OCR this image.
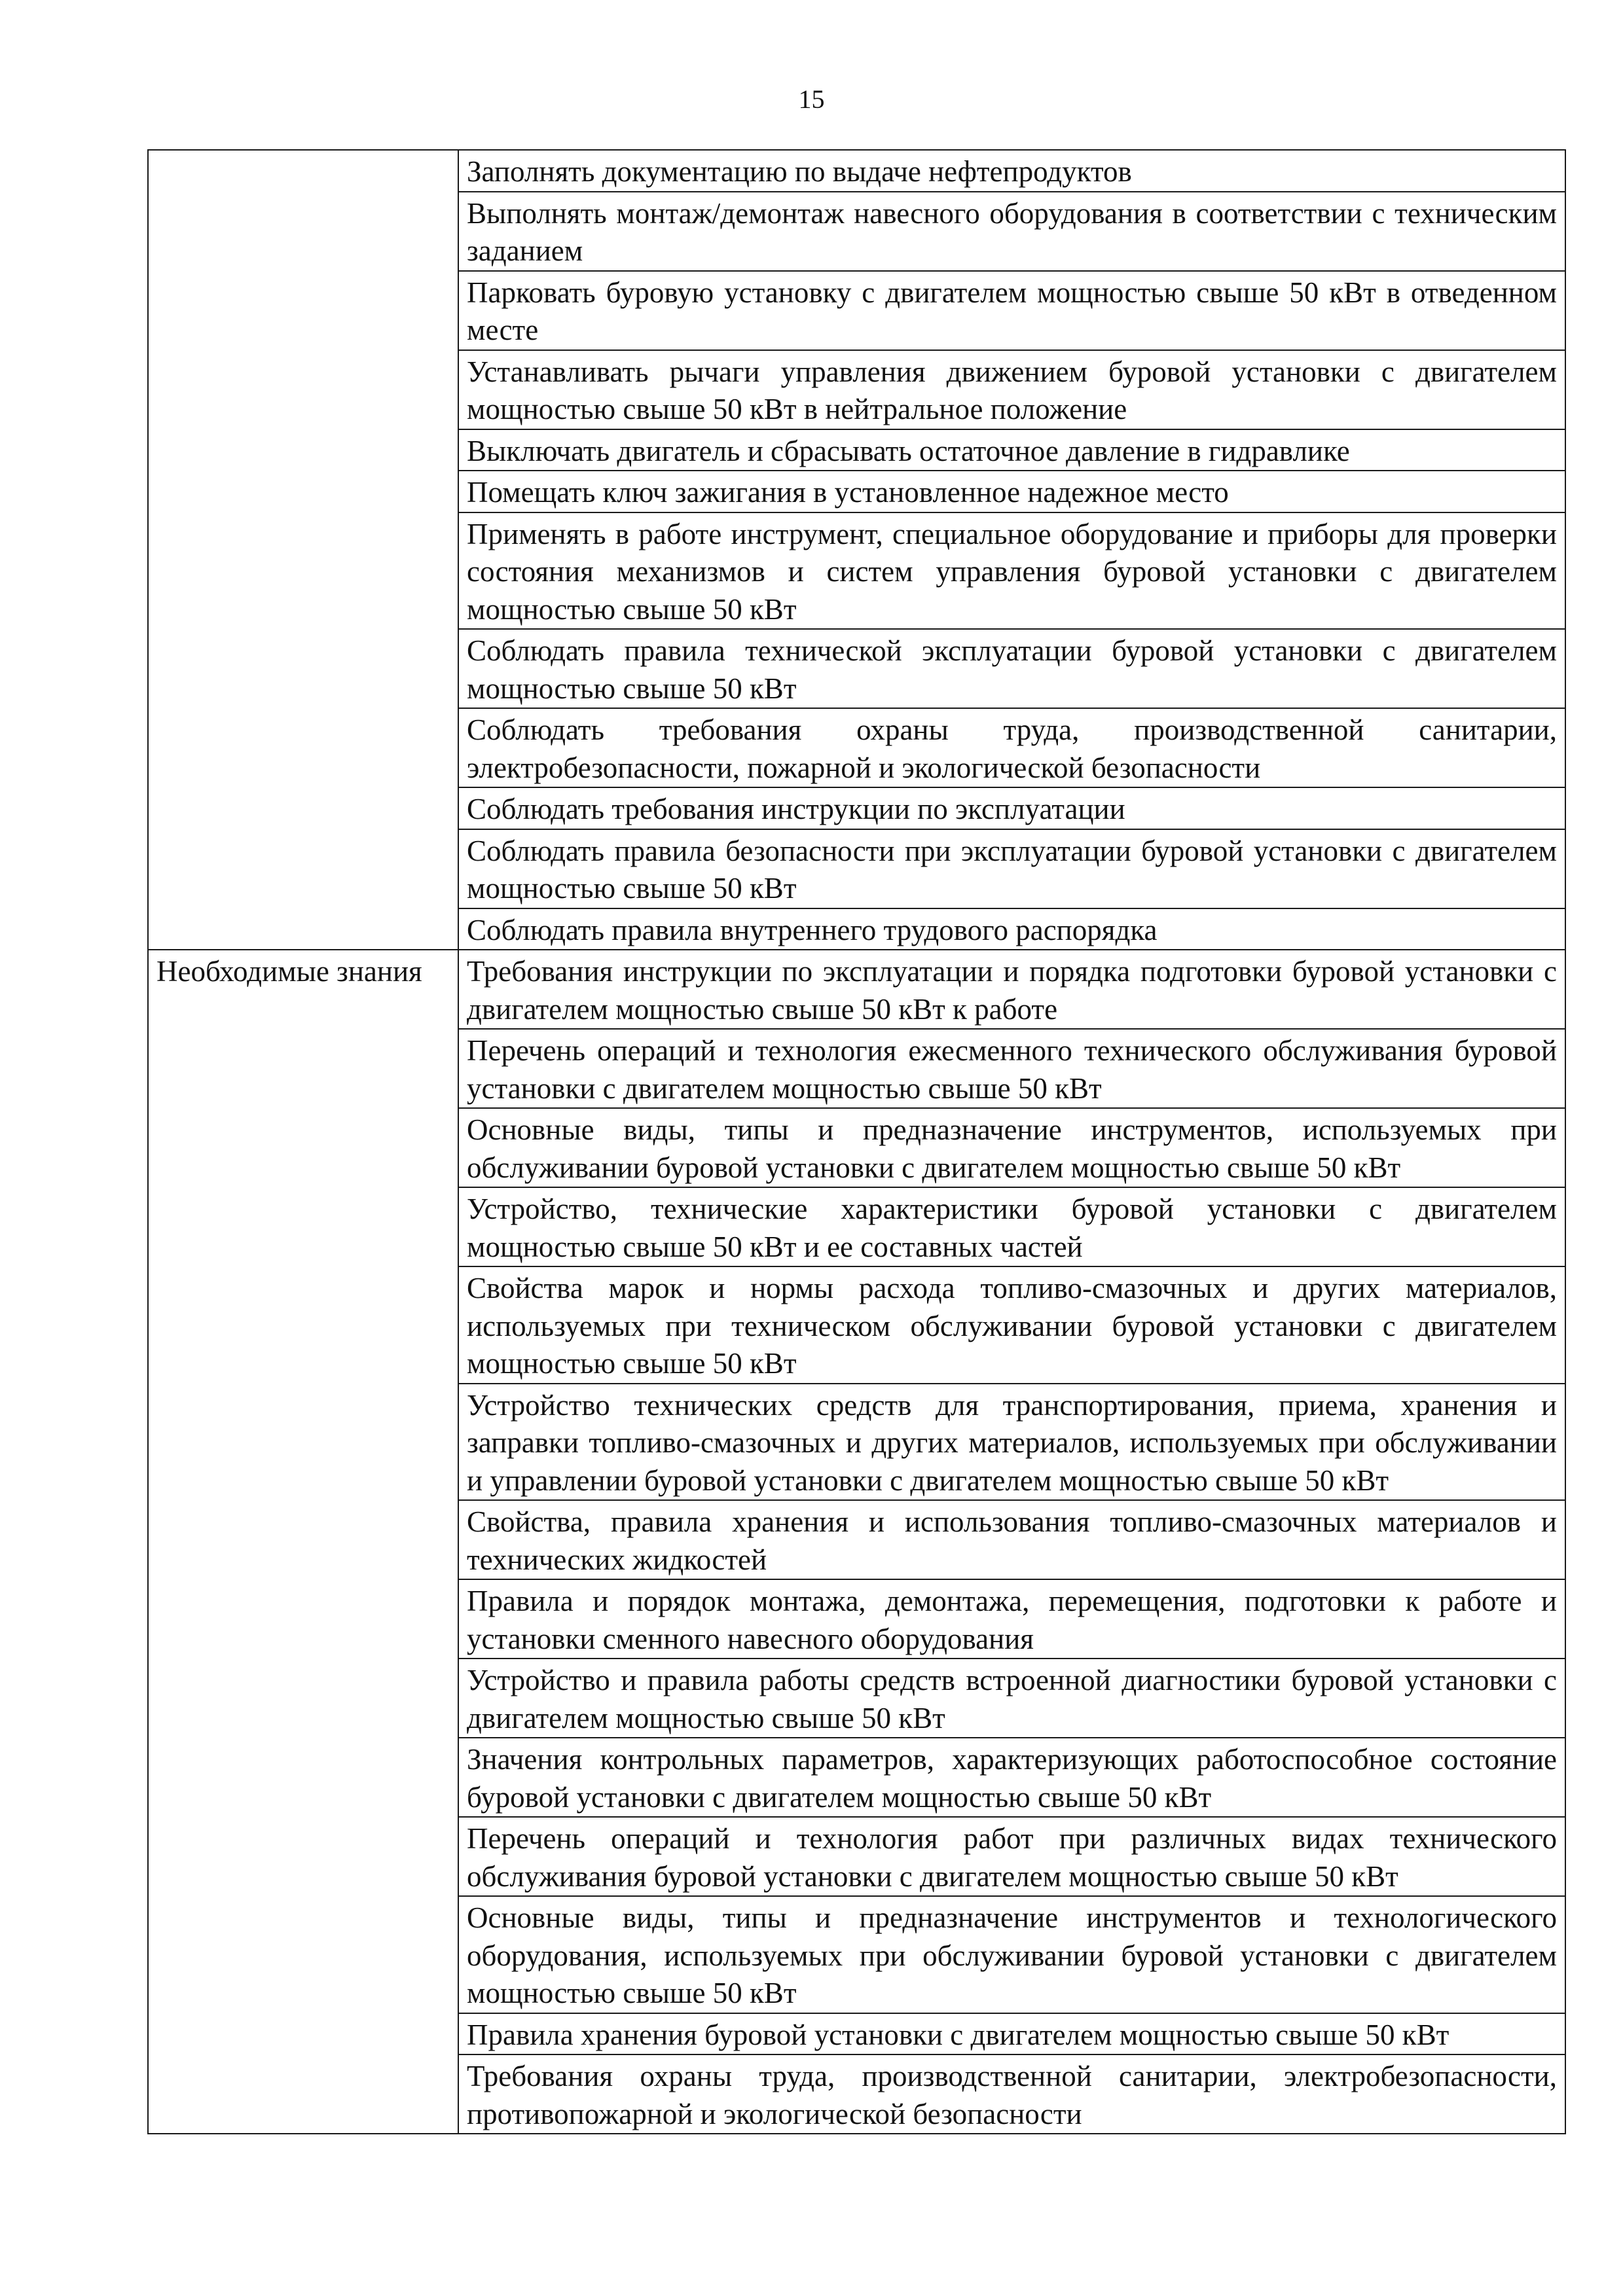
15
	Заполнять документацию по выдаче нефтепродуктов
	Выполнять монтаж/демонтаж навесного оборудования в соответствии с техническим заданием
	Парковать буровую установку с двигателем мощностью свыше 50 кВт в отведенном месте
	Устанавливать рычаги управления движением буровой установки с двигателем мощностью свыше 50 кВт в нейтральное положение
	Выключать двигатель и сбрасывать остаточное давление в гидравлике
	Помещать ключ зажигания в установленное надежное место
	Применять в работе инструмент, специальное оборудование и приборы для проверки состояния механизмов и систем управления буровой установки с двигателем мощностью свыше 50 кВт
	Соблюдать правила технической эксплуатации буровой установки с двигателем мощностью свыше 50 кВт
	Соблюдать требования охраны труда, производственной санитарии, электробезопасности, пожарной и экологической безопасности
	Соблюдать требования инструкции по эксплуатации
	Соблюдать правила безопасности при эксплуатации буровой установки с двигателем мощностью свыше 50 кВт
	Соблюдать правила внутреннего трудового распорядка
Необходимые знания	Требования инструкции по эксплуатации и порядка подготовки буровой установки с двигателем мощностью свыше 50 кВт к работе
	Перечень операций и технология ежесменного технического обслуживания буровой установки с двигателем мощностью свыше 50 кВт
	Основные виды, типы и предназначение инструментов, используемых при обслуживании буровой установки с двигателем мощностью свыше 50 кВт
	Устройство, технические характеристики буровой установки с двигателем мощностью свыше 50 кВт и ее составных частей
	Свойства марок и нормы расхода топливо-смазочных и других материалов, используемых при техническом обслуживании буровой установки с двигателем мощностью свыше 50 кВт
	Устройство технических средств для транспортирования, приема, хранения и заправки топливо-смазочных и других материалов, используемых при обслуживании и управлении буровой установки с двигателем мощностью свыше 50 кВт
	Свойства, правила хранения и использования топливо-смазочных материалов и технических жидкостей
	Правила и порядок монтажа, демонтажа, перемещения, подготовки к работе и установки сменного навесного оборудования
	Устройство и правила работы средств встроенной диагностики буровой установки с двигателем мощностью свыше 50 кВт
	Значения контрольных параметров, характеризующих работоспособное состояние буровой установки с двигателем мощностью свыше 50 кВт
	Перечень операций и технология работ при различных видах технического обслуживания буровой установки с двигателем мощностью свыше 50 кВт
	Основные виды, типы и предназначение инструментов и технологического оборудования, используемых при обслуживании буровой установки с двигателем мощностью свыше 50 кВт
	Правила хранения буровой установки с двигателем мощностью свыше 50 кВт
	Требования охраны труда, производственной санитарии, электробезопасности, противопожарной и экологической безопасности
